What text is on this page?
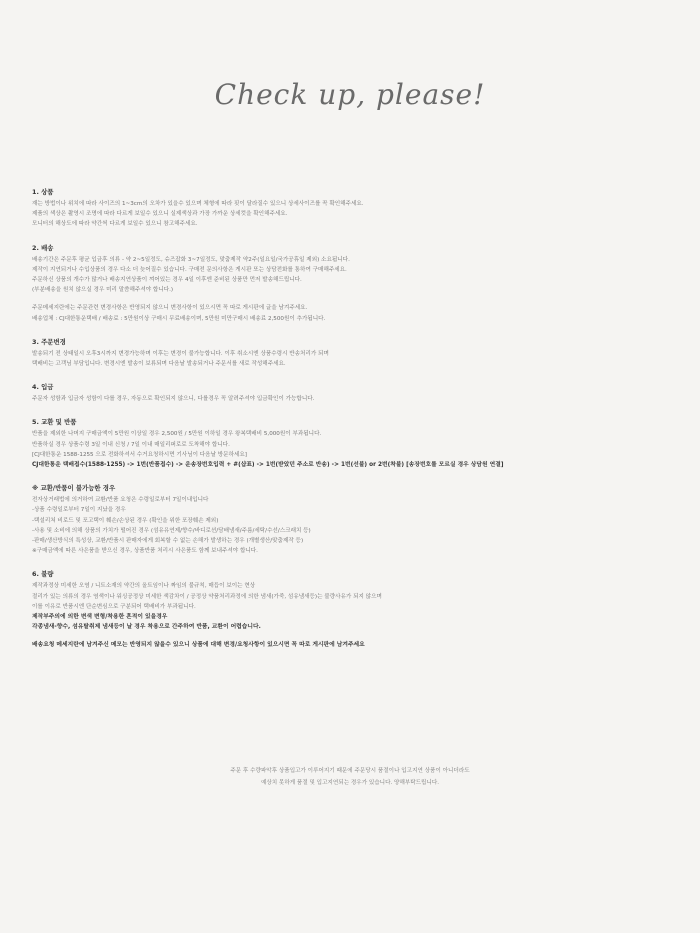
Check up, please!
1. 상품
재는 방법이나 위치에 따라 사이즈의 1~3cm의 오차가 있을수 있으며 체형에 따라 핏이 달라질수 있으니 상세사이즈를 꼭 확인해주세요.
제품의 색상은 촬영시 조명에 따라 다르게 보일수 있으니 실제색상과 가장 가까운 상세컷을 확인해주세요.
모니터의 해상도에 따라 약간씩 다르게 보일수 있으니 참고해주세요.
2. 배송
배송기간은 주문후 평균 입금후 의류 - 약 2~5일정도, 슈즈잡화 3~7일정도, 맞춤제작 약2주(일요일/국가공휴일 제외) 소요됩니다.
제작이 지연되거나 수입상품의 경우 다소 더 늦어질수 있습니다. 구매전 문의사항은 게시판 또는 상담전화를 통하여 구매해주세요.
주문하신 상품의 개수가 많거나 배송지연상품이 껴어있는 경우 4일 이후엔 준비된 상품만 먼저 발송해드립니다.
(부분배송을 원치 않으실 경우 미리 말씀해주셔야 합니다.)
주문메세지란에는 주문관련 변경사항은 반영되지 않으니 변경사항이 있으시면 꼭 따로 게시판에 글을 남겨주세요.
배송업체 : CJ대한통운택배 / 배송료 : 5만원이상 구매시 무료배송이며, 5만원 미만구매시 배송료 2,500원이 추가됩니다.
3. 주문변경
발송되기 전 상태일시 오후3시까지 변경가능하며 이후는 변경이 불가능합니다. 이후 취소시엔 상품수령시 반송처리가 되며
택배비는 고객님 부담입니다. 변경시엔 발송이 보류되며 다음날 발송되거나 주문서를 새로 작성해주세요.
4. 입금
주문자 성함과 입금자 성함이 다를 경우, 자동으로 확인되지 않으니, 다를경우 꼭 알려주셔야 입금확인이 가능합니다.
5. 교환 및 반품
반품을 제외한 나머지 구매금액이 5만원 이상일 경우 2,500원 / 5만원 이하일 경우 왕복택배비 5,000원이 부과됩니다.
반품하실 경우 상품수령 3일 이내 신청 / 7일 이내 매일리퍼로로 도착해야 합니다.
[CJ대한통운 1588-1255 으로 전화하셔서 수거요청하시면 기사님이 다음날 방문하세요]
CJ대한통운 택배접수(1588-1255) -> 1번(반품접수) -> 운송장번호입력 + #(샵표) -> 1번(받았던 주소로 반송) -> 1번(선불) or 2번(착불) [송장번호를 모르실 경우 상담원 연결]
※ 교환/반품이 불가능한 경우
전자상거래법에 의거하여 교환/반품 요청은 수령일로부터 7일이내입니다
-상품 수령일로부터 7일이 지났을 경우
-택설리쳐 비로드 및 포고택이 훼손/손상된 경우 (확인을 위한 포장훼손 제외)
-사용 및 소비에 의해 상품의 가치가 떨어진 경우 (섬유유연제/향수/바디로션/담배냄새/주름/세탁/수선/스크래치 등)
-판매/생산방식의 특성상, 교환/반품시 판매자에게 회복할 수 없는 손해가 발생하는 경우 (개별생산/맞춤제작 등)
※구매금액에 따른 사은품을 받으신 경우, 상품반품 처리시 사은품도 함께 보내주셔야 합니다.
6. 불량
제작과정상 미세한 오염 / 니트소재의 약간의 올트임이나 짜임의 불규칙, 매듭이 보이는 현상
절리가 있는 의류의 경우 염색이나 워싱공정상 미세한 색감차이 / 공정상 약품처리과정에 의한 냄새(가죽, 섬유냄새등)는 불량사유가 되지 않으며
이를 이유로 반품시엔 단순변심으로 구분되어 택배비가 부과됩니다.
제작부주의에 의한 변색 변형/착용한 흔적이 있을경우
각종냄새-향수, 섬유탈취제 냄새등이 날 경우 착용으로 간주하여 반품, 교환이 어렵습니다.
배송요청 메세지란에 남겨주신 메모는 반영되지 않을수 있으니 상품에 대해 변경/요청사항이 있으시면 꼭 따로 게시판에 남겨주세요
주문 후 수량파악후 상품입고가 이루어지기 때문에 주문당시 품절이나 입고지연 상품이 아니더라도
예상치 못하게 품절 및 입고지연되는 경우가 있습니다. 양해부탁드립니다.
